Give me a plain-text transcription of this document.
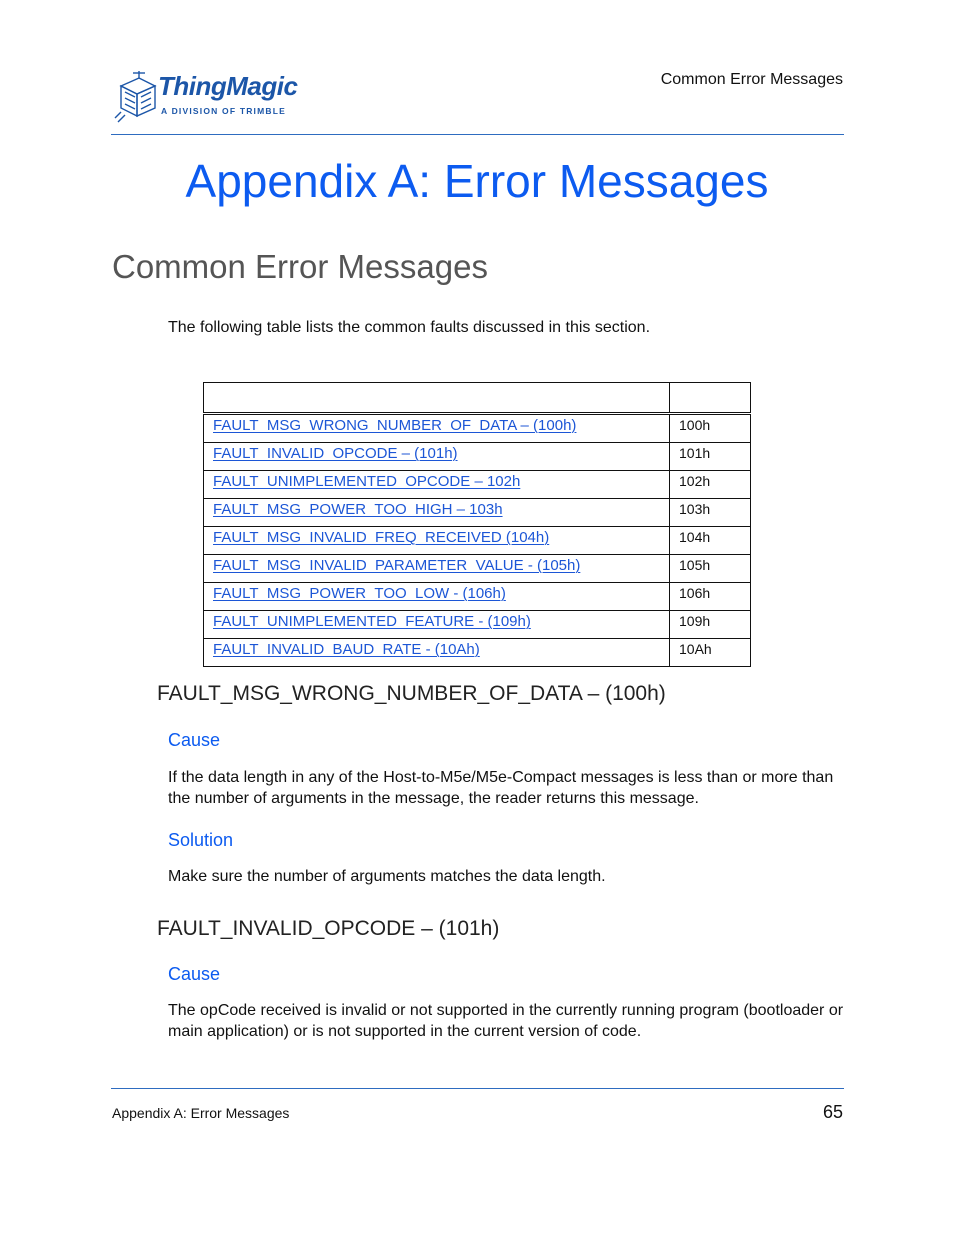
ThingMagic
A DIVISION OF TRIMBLE
Common Error Messages
Appendix A: Error Messages
Common Error Messages
The following table lists the common faults discussed in this section.

FAULT_MSG_WRONG_NUMBER_OF_DATA – (100h)	100h
FAULT_INVALID_OPCODE – (101h)	101h
FAULT_UNIMPLEMENTED_OPCODE – 102h	102h
FAULT_MSG_POWER_TOO_HIGH – 103h	103h
FAULT_MSG_INVALID_FREQ_RECEIVED (104h)	104h
FAULT_MSG_INVALID_PARAMETER_VALUE - (105h)	105h
FAULT_MSG_POWER_TOO_LOW - (106h)	106h
FAULT_UNIMPLEMENTED_FEATURE - (109h)	109h
FAULT_INVALID_BAUD_RATE - (10Ah)	10Ah
FAULT_MSG_WRONG_NUMBER_OF_DATA – (100h)
Cause
If the data length in any of the Host-to-M5e/M5e-Compact messages is less than or more than the number of arguments in the message, the reader returns this message.
Solution
Make sure the number of arguments matches the data length.
FAULT_INVALID_OPCODE – (101h)
Cause
The opCode received is invalid or not supported in the currently running program (bootloader or main application) or is not supported in the current version of code.
Appendix A: Error Messages	65
